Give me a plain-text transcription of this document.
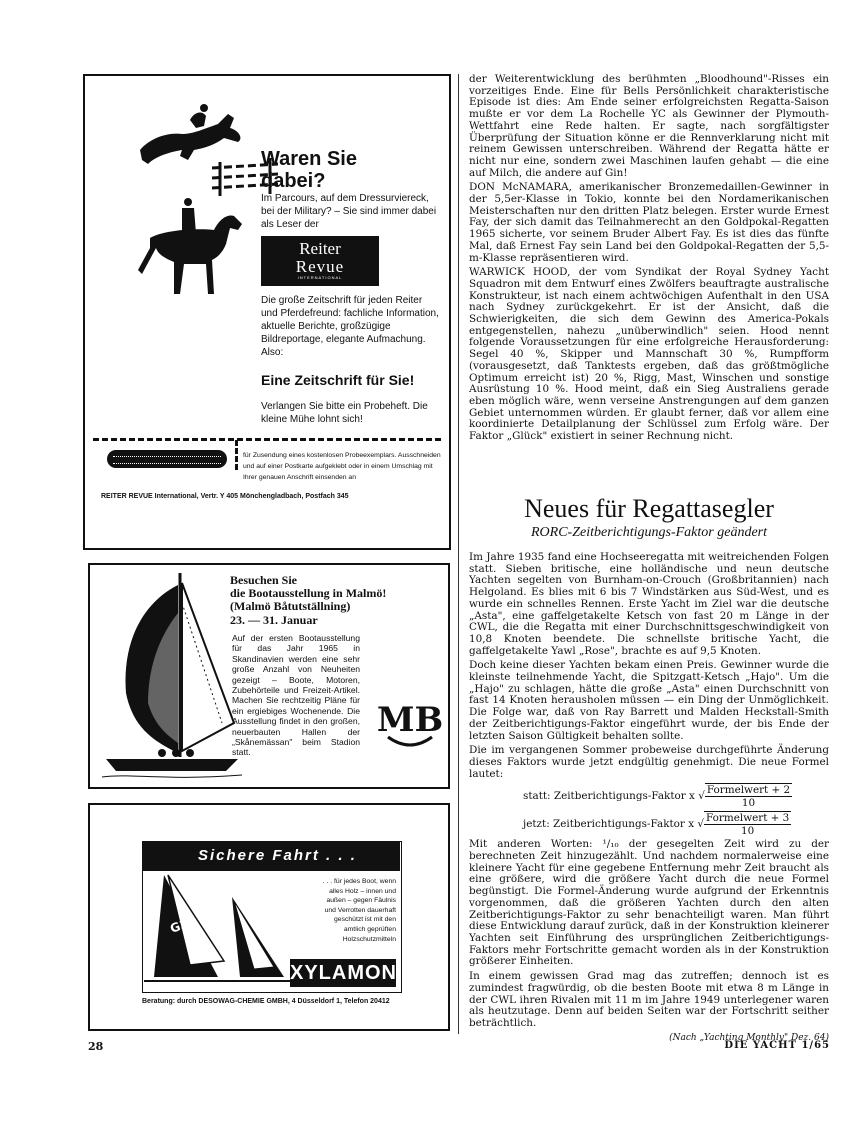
Waren Sie dabei?
Im Parcours, auf dem Dressurviereck, bei der Military? – Sie sind immer dabei als Leser der
Reiter
Revue
INTERNATIONAL
Die große Zeitschrift für jeden Reiter und Pferdefreund: fachliche Information, aktuelle Berichte, großzügige Bildreportage, elegante Aufmachung. Also:
Eine Zeitschrift für Sie!
Verlangen Sie bitte ein Probeheft. Die kleine Mühe lohnt sich!
für Zusendung eines kostenlosen Probeexemplars. Ausschneiden und auf einer Postkarte aufgeklebt oder in einem Umschlag mit Ihrer genauen Anschrift einsenden an
REITER REVUE International, Vertr. Y 405 Mönchengladbach, Postfach 345
Besuchen Sie
die Bootausstellung in Malmö!
(Malmö Båtutställning)
23. — 31. Januar
Auf der ersten Bootausstellung für das Jahr 1965 in Skandinavien werden eine sehr große Anzahl von Neuheiten gezeigt – Boote, Motoren, Zubehörteile und Freizeit-Artikel. Machen Sie rechtzeitig Pläne für ein ergiebiges Wochenende. Die Ausstellung findet in den großen, neuerbauten Hallen der „Skånemässan" beim Stadion statt.
MB
Sichere Fahrt . . .
G31
. . . für jedes Boot, wenn alles Holz – innen und außen – gegen Fäulnis und Verrotten dauerhaft geschützt ist mit den amtlich geprüften Holzschutzmitteln
XYLAMON
Beratung: durch DESOWAG-CHEMIE GMBH, 4 Düsseldorf 1, Telefon 20412

der Weiterentwicklung des berühmten „Bloodhound"-Risses ein vorzeitiges Ende. Eine für Bells Persönlichkeit charakteristische Episode ist dies: Am Ende seiner erfolgreichsten Regatta-Saison mußte er vor dem La Rochelle YC als Gewinner der Plymouth-Wettfahrt eine Rede halten. Er sagte, nach sorgfältigster Überprüfung der Situation könne er die Rennverklarung nicht mit reinem Gewissen unterschreiben. Während der Regatta hätte er nicht nur eine, sondern zwei Maschinen laufen gehabt — die eine auf Milch, die andere auf Gin!

DON McNAMARA, amerikanischer Bronzemedaillen-Gewinner in der 5,5er-Klasse in Tokio, konnte bei den Nordamerikanischen Meisterschaften nur den dritten Platz belegen. Erster wurde Ernest Fay, der sich damit das Teilnahmerecht an den Goldpokal-Regatten 1965 sicherte, vor seinem Bruder Albert Fay. Es ist dies das fünfte Mal, daß Ernest Fay sein Land bei den Goldpokal-Regatten der 5,5-m-Klasse repräsentieren wird.

WARWICK HOOD, der vom Syndikat der Royal Sydney Yacht Squadron mit dem Entwurf eines Zwölfers beauftragte australische Konstrukteur, ist nach einem achtwöchigen Aufenthalt in den USA nach Sydney zurückgekehrt. Er ist der Ansicht, daß die Schwierigkeiten, die sich dem Gewinn des America-Pokals entgegenstellen, nahezu „unüberwindlich" seien. Hood nennt folgende Voraussetzungen für eine erfolgreiche Herausforderung: Segel 40 %, Skipper und Mannschaft 30 %, Rumpfform (vorausgesetzt, daß Tanktests ergeben, daß das größtmögliche Optimum erreicht ist) 20 %, Rigg, Mast, Winschen und sonstige Ausrüstung 10 %. Hood meint, daß ein Sieg Australiens gerade eben möglich wäre, wenn verseine Anstrengungen auf dem ganzen Gebiet unternommen würden. Er glaubt ferner, daß vor allem eine koordinierte Detailplanung der Schlüssel zum Erfolg wäre. Der Faktor „Glück" existiert in seiner Rechnung nicht.

Neues für Regattasegler
RORC-Zeitberichtigungs-Faktor geändert

Im Jahre 1935 fand eine Hochseeregatta mit weitreichenden Folgen statt. Sieben britische, eine holländische und neun deutsche Yachten segelten von Burnham-on-Crouch (Großbritannien) nach Helgoland. Es blies mit 6 bis 7 Windstärken aus Süd-West, und es wurde ein schnelles Rennen. Erste Yacht im Ziel war die deutsche „Asta", eine gaffelgetakelte Ketsch von fast 20 m Länge in der CWL, die die Regatta mit einer Durchschnittsgeschwindigkeit von 10,8 Knoten beendete. Die schnellste britische Yacht, die gaffelgetakelte Yawl „Rose", brachte es auf 9,5 Knoten.

Doch keine dieser Yachten bekam einen Preis. Gewinner wurde die kleinste teilnehmende Yacht, die Spitzgatt-Ketsch „Hajo". Um die „Hajo" zu schlagen, hätte die große „Asta" einen Durchschnitt von fast 14 Knoten herausholen müssen — ein Ding der Unmöglichkeit. Die Folge war, daß von Ray Barrett und Malden Heckstall-Smith der Zeitberichtigungs-Faktor eingeführt wurde, der bis Ende der letzten Saison Gültigkeit behalten sollte.

Die im vergangenen Sommer probeweise durchgeführte Änderung dieses Faktors wurde jetzt endgültig genehmigt. Die neue Formel lautet:

statt: Zeitberichtigungs-Faktor x √ $\frac{\text{Formelwert + 2}}{10}$
jetzt: Zeitberichtigungs-Faktor x √ $\frac{\text{Formelwert + 3}}{10}$

Mit anderen Worten: ¹/₁₀ der gesegelten Zeit wird zu der berechneten Zeit hinzugezählt. Und nachdem normalerweise eine kleinere Yacht für eine gegebene Entfernung mehr Zeit braucht als eine größere, wird die größere Yacht durch die neue Formel begünstigt. Die Formel-Änderung wurde aufgrund der Erkenntnis vorgenommen, daß die größeren Yachten durch den alten Zeitberichtigungs-Faktor zu sehr benachteiligt waren. Man führt diese Entwicklung darauf zurück, daß in der Konstruktion kleinerer Yachten seit Einführung des ursprünglichen Zeitberichtigungs-Faktors mehr Fortschritte gemacht worden als in der Konstruktion größerer Einheiten.

In einem gewissen Grad mag das zutreffen; dennoch ist es zumindest fragwürdig, ob die besten Boote mit etwa 8 m Länge in der CWL ihren Rivalen mit 11 m im Jahre 1949 unterlegener waren als heutzutage. Denn auf beiden Seiten war der Fortschritt seither beträchtlich.

(Nach „Yachting Monthly" Dez. 64)

28	DIE YACHT 1/65
